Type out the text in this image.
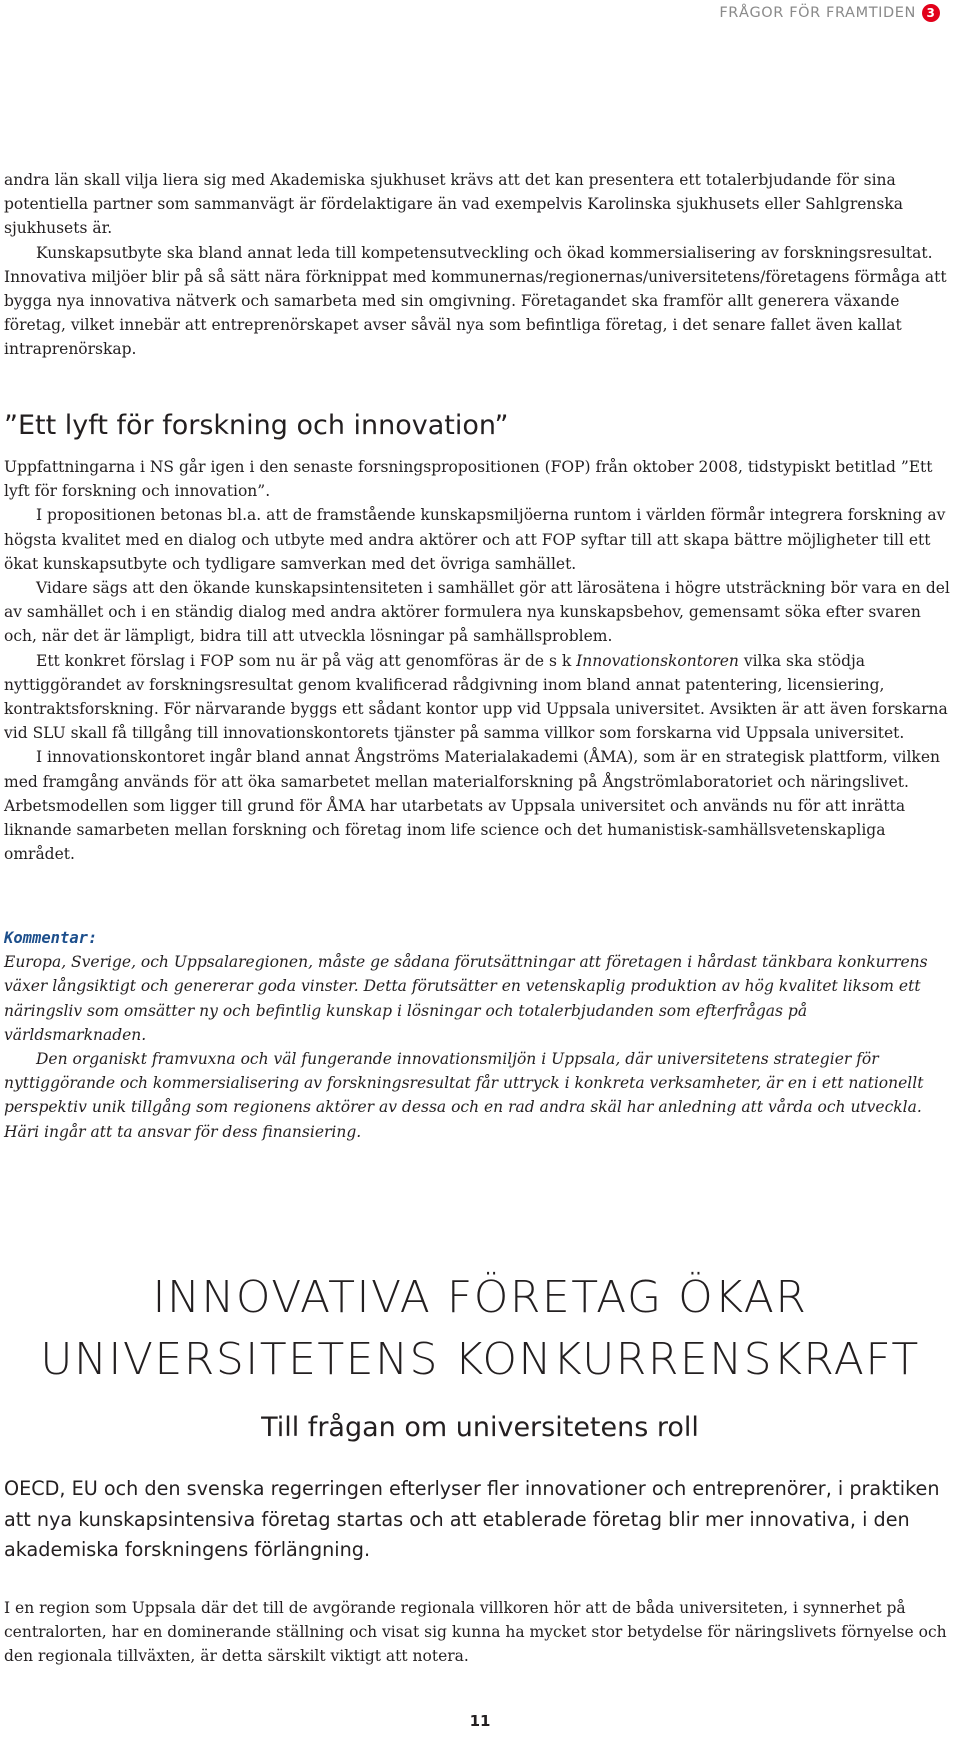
FRÅGOR FÖR FRAMTIDEN 3

andra län skall vilja liera sig med Akademiska sjukhuset krävs att det kan presentera ett totalerbjudande för sina potentiella partner som sammanvägt är fördelaktigare än vad exempelvis Karolinska sjukhusets eller Sahlgrenska sjukhusets är.

Kunskapsutbyte ska bland annat leda till kompetensutveckling och ökad kommersialisering av forskningsresultat. Innovativa miljöer blir på så sätt nära förknippat med kommunernas/regionernas/universitetens/företagens förmåga att bygga nya innovativa nätverk och samarbeta med sin omgivning. Företagandet ska framför allt generera växande företag, vilket innebär att entreprenörskapet avser såväl nya som befintliga företag, i det senare fallet även kallat intraprenörskap.

”Ett lyft för forskning och innovation”

Uppfattningarna i NS går igen i den senaste forsningspropositionen (FOP) från oktober 2008, tidstypiskt betitlad ”Ett lyft för forskning och innovation”.

I propositionen betonas bl.a. att de framstående kunskapsmiljöerna runtom i världen förmår integrera forskning av högsta kvalitet med en dialog och utbyte med andra aktörer och att FOP syftar till att skapa bättre möjligheter till ett ökat kunskapsutbyte och tydligare samverkan med det övriga samhället.

Vidare sägs att den ökande kunskapsintensiteten i samhället gör att lärosätena i högre utsträckning bör vara en del av samhället och i en ständig dialog med andra aktörer formulera nya kunskapsbehov, gemensamt söka efter svaren och, när det är lämpligt, bidra till att utveckla lösningar på samhällsproblem.

Ett konkret förslag i FOP som nu är på väg att genomföras är de s k Innovationskontoren vilka ska stödja nyttiggörandet av forskningsresultat genom kvalificerad rådgivning inom bland annat patentering, licensiering, kontraktsforskning. För närvarande byggs ett sådant kontor upp vid Uppsala universitet. Avsikten är att även forskarna vid SLU skall få tillgång till innovationskontorets tjänster på samma villkor som forskarna vid Uppsala universitet.

I innovationskontoret ingår bland annat Ångströms Materialakademi (ÅMA), som är en strategisk plattform, vilken med framgång används för att öka samarbetet mellan materialforskning på Ångströmlaboratoriet och näringslivet. Arbetsmodellen som ligger till grund för ÅMA har utarbetats av Uppsala universitet och används nu för att inrätta liknande samarbeten mellan forskning och företag inom life science och det humanistisk-samhällsvetenskapliga området.

Kommentar:

Europa, Sverige, och Uppsalaregionen, måste ge sådana förutsättningar att företagen i hårdast tänkbara konkurrens växer långsiktigt och genererar goda vinster. Detta förutsätter en vetenskaplig produktion av hög kvalitet liksom ett näringsliv som omsätter ny och befintlig kunskap i lösningar och totalerbjudanden som efterfrågas på världsmarknaden.

Den organiskt framvuxna och väl fungerande innovationsmiljön i Uppsala, där universitetens strategier för nyttiggörande och kommersialisering av forskningsresultat får uttryck i konkreta verksamheter, är en i ett nationellt perspektiv unik tillgång som regionens aktörer av dessa och en rad andra skäl har anledning att vårda och utveckla. Häri ingår att ta ansvar för dess finansiering.

INNOVATIVA FÖRETAG ÖKAR
UNIVERSITETENS KONKURRENSKRAFT
Till frågan om universitetens roll

OECD, EU och den svenska regerringen efterlyser fler innovationer och entreprenörer, i praktiken att nya kunskapsintensiva företag startas och att etablerade företag blir mer innovativa, i den akademiska forskningens förlängning.

I en region som Uppsala där det till de avgörande regionala villkoren hör att de båda universiteten, i synnerhet på centralorten, har en dominerande ställning och visat sig kunna ha mycket stor betydelse för näringslivets förnyelse och den regionala tillväxten, är detta särskilt viktigt att notera.

11
